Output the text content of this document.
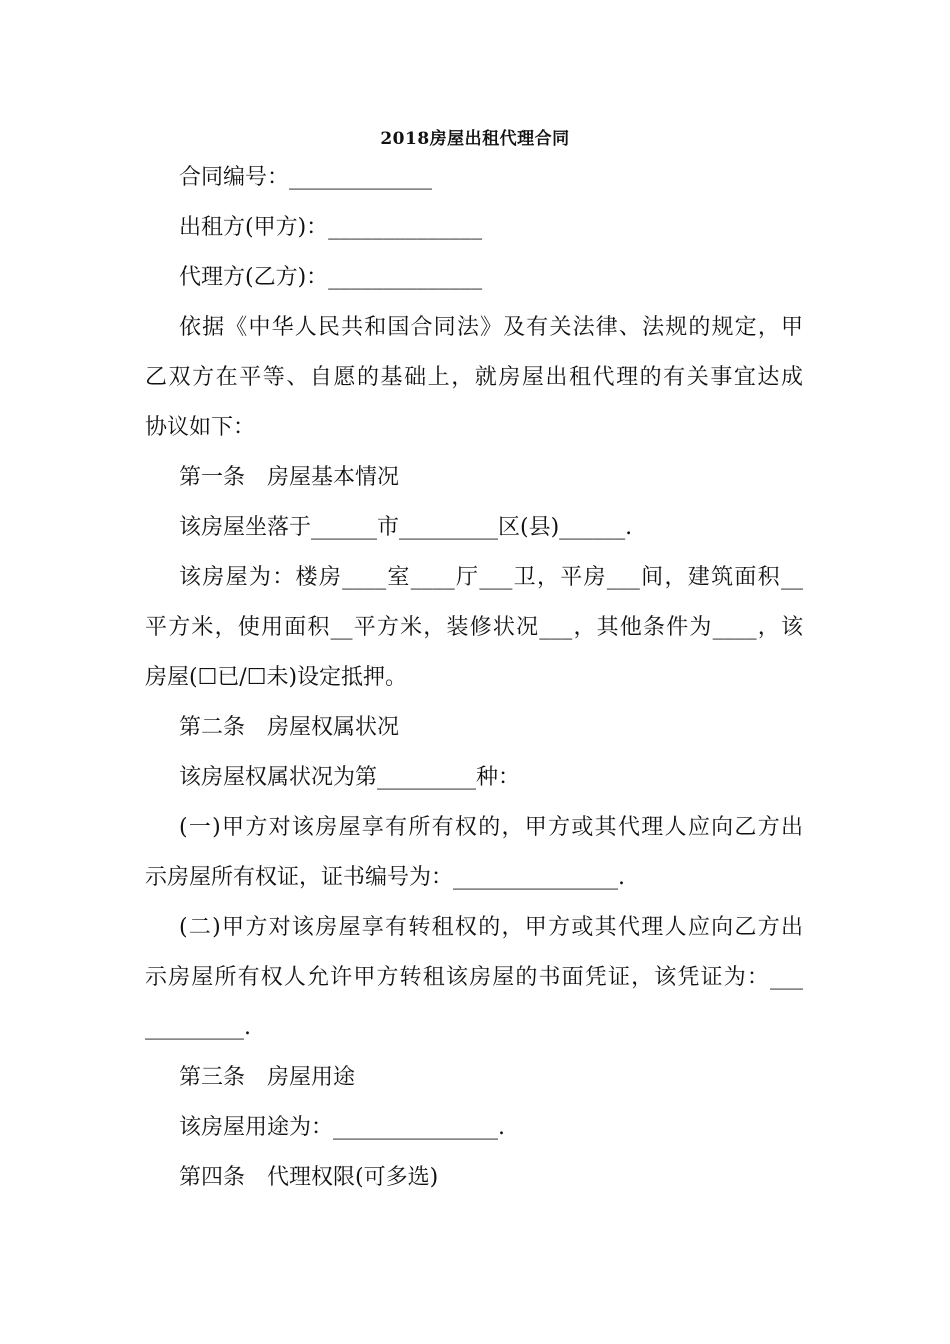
2018房屋出租代理合同
合同编号：_____________
出租方(甲方)：______________
代理方(乙方)：______________
依据《中华人民共和国合同法》及有关法律、法规的规定，甲
乙双方在平等、自愿的基础上，就房屋出租代理的有关事宜达成
协议如下：
第一条　房屋基本情况
该房屋坐落于______市_________区(县)______.
该房屋为：楼房____室____厅___卫，平房___间，建筑面积__
平方米，使用面积__平方米，装修状况___，其他条件为____，该
房屋(☐已/☐未)设定抵押。
第二条　房屋权属状况
该房屋权属状况为第_________种：
(一)甲方对该房屋享有所有权的，甲方或其代理人应向乙方出
示房屋所有权证，证书编号为：_______________.
(二)甲方对该房屋享有转租权的，甲方或其代理人应向乙方出
示房屋所有权人允许甲方转租该房屋的书面凭证，该凭证为：___
_________.
第三条　房屋用途
该房屋用途为：_______________.
第四条　代理权限(可多选)
